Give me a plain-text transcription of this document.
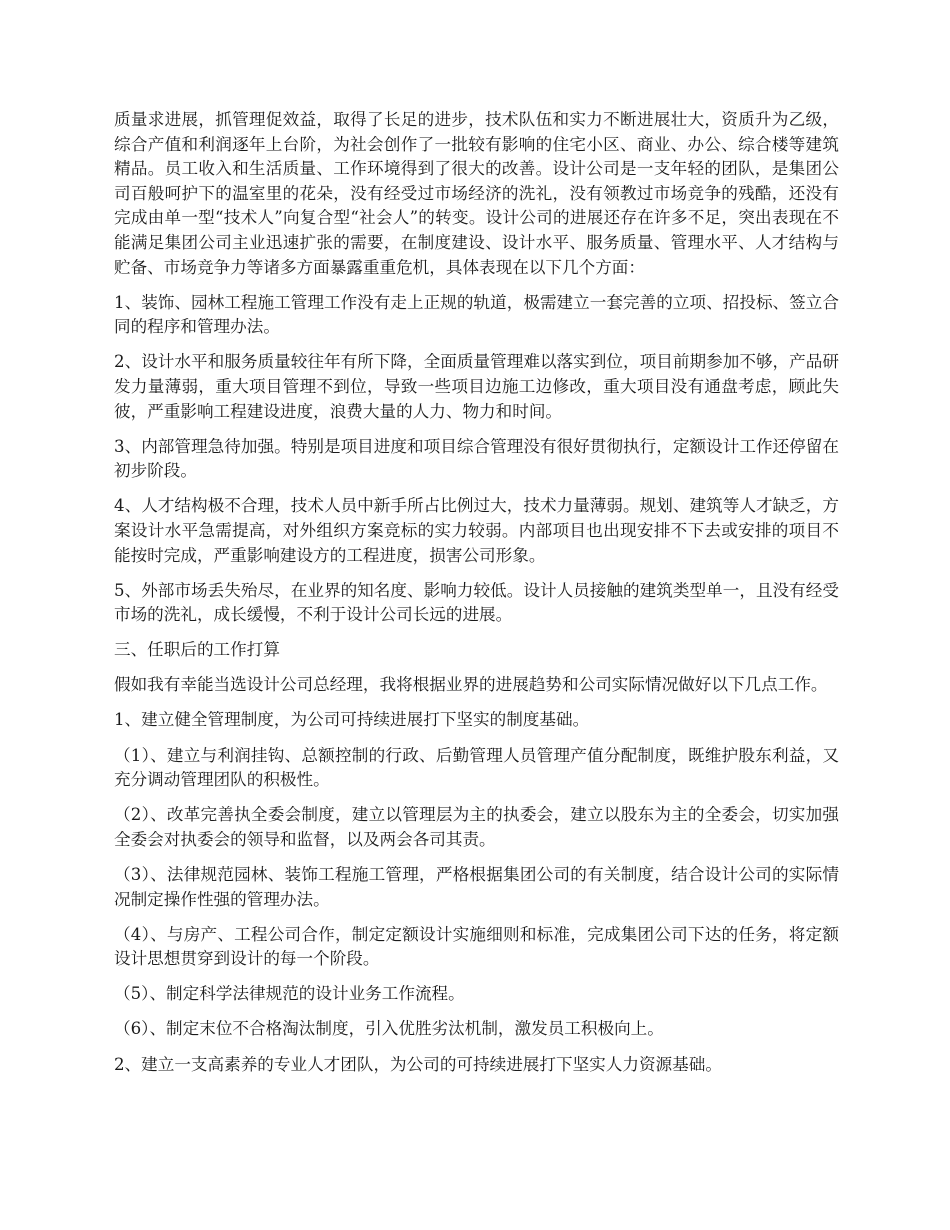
质量求进展，抓管理促效益，取得了长足的进步，技术队伍和实力不断进展壮大，资质升为乙级，综合产值和利润逐年上台阶，为社会创作了一批较有影响的住宅小区、商业、办公、综合楼等建筑精品。员工收入和生活质量、工作环境得到了很大的改善。设计公司是一支年轻的团队，是集团公司百般呵护下的温室里的花朵，没有经受过市场经济的洗礼，没有领教过市场竞争的残酷，还没有完成由单一型“技术人”向复合型“社会人”的转变。设计公司的进展还存在许多不足，突出表现在不能满足集团公司主业迅速扩张的需要，在制度建设、设计水平、服务质量、管理水平、人才结构与贮备、市场竞争力等诸多方面暴露重重危机，具体表现在以下几个方面：

1、装饰、园林工程施工管理工作没有走上正规的轨道，极需建立一套完善的立项、招投标、签立合同的程序和管理办法。

2、设计水平和服务质量较往年有所下降，全面质量管理难以落实到位，项目前期参加不够，产品研发力量薄弱，重大项目管理不到位，导致一些项目边施工边修改，重大项目没有通盘考虑，顾此失彼，严重影响工程建设进度，浪费大量的人力、物力和时间。

3、内部管理急待加强。特别是项目进度和项目综合管理没有很好贯彻执行，定额设计工作还停留在初步阶段。

4、人才结构极不合理，技术人员中新手所占比例过大，技术力量薄弱。规划、建筑等人才缺乏，方案设计水平急需提高，对外组织方案竞标的实力较弱。内部项目也出现安排不下去或安排的项目不能按时完成，严重影响建设方的工程进度，损害公司形象。

5、外部市场丢失殆尽，在业界的知名度、影响力较低。设计人员接触的建筑类型单一，且没有经受市场的洗礼，成长缓慢，不利于设计公司长远的进展。

三、任职后的工作打算

假如我有幸能当选设计公司总经理，我将根据业界的进展趋势和公司实际情况做好以下几点工作。

1、建立健全管理制度，为公司可持续进展打下坚实的制度基础。

（1）、建立与利润挂钩、总额控制的行政、后勤管理人员管理产值分配制度，既维护股东利益，又充分调动管理团队的积极性。

（2）、改革完善执全委会制度，建立以管理层为主的执委会，建立以股东为主的全委会，切实加强全委会对执委会的领导和监督，以及两会各司其责。

（3）、法律规范园林、装饰工程施工管理，严格根据集团公司的有关制度，结合设计公司的实际情况制定操作性强的管理办法。

（4）、与房产、工程公司合作，制定定额设计实施细则和标准，完成集团公司下达的任务，将定额设计思想贯穿到设计的每一个阶段。

（5）、制定科学法律规范的设计业务工作流程。

（6）、制定末位不合格淘汰制度，引入优胜劣汰机制，激发员工积极向上。

2、建立一支高素养的专业人才团队，为公司的可持续进展打下坚实人力资源基础。
